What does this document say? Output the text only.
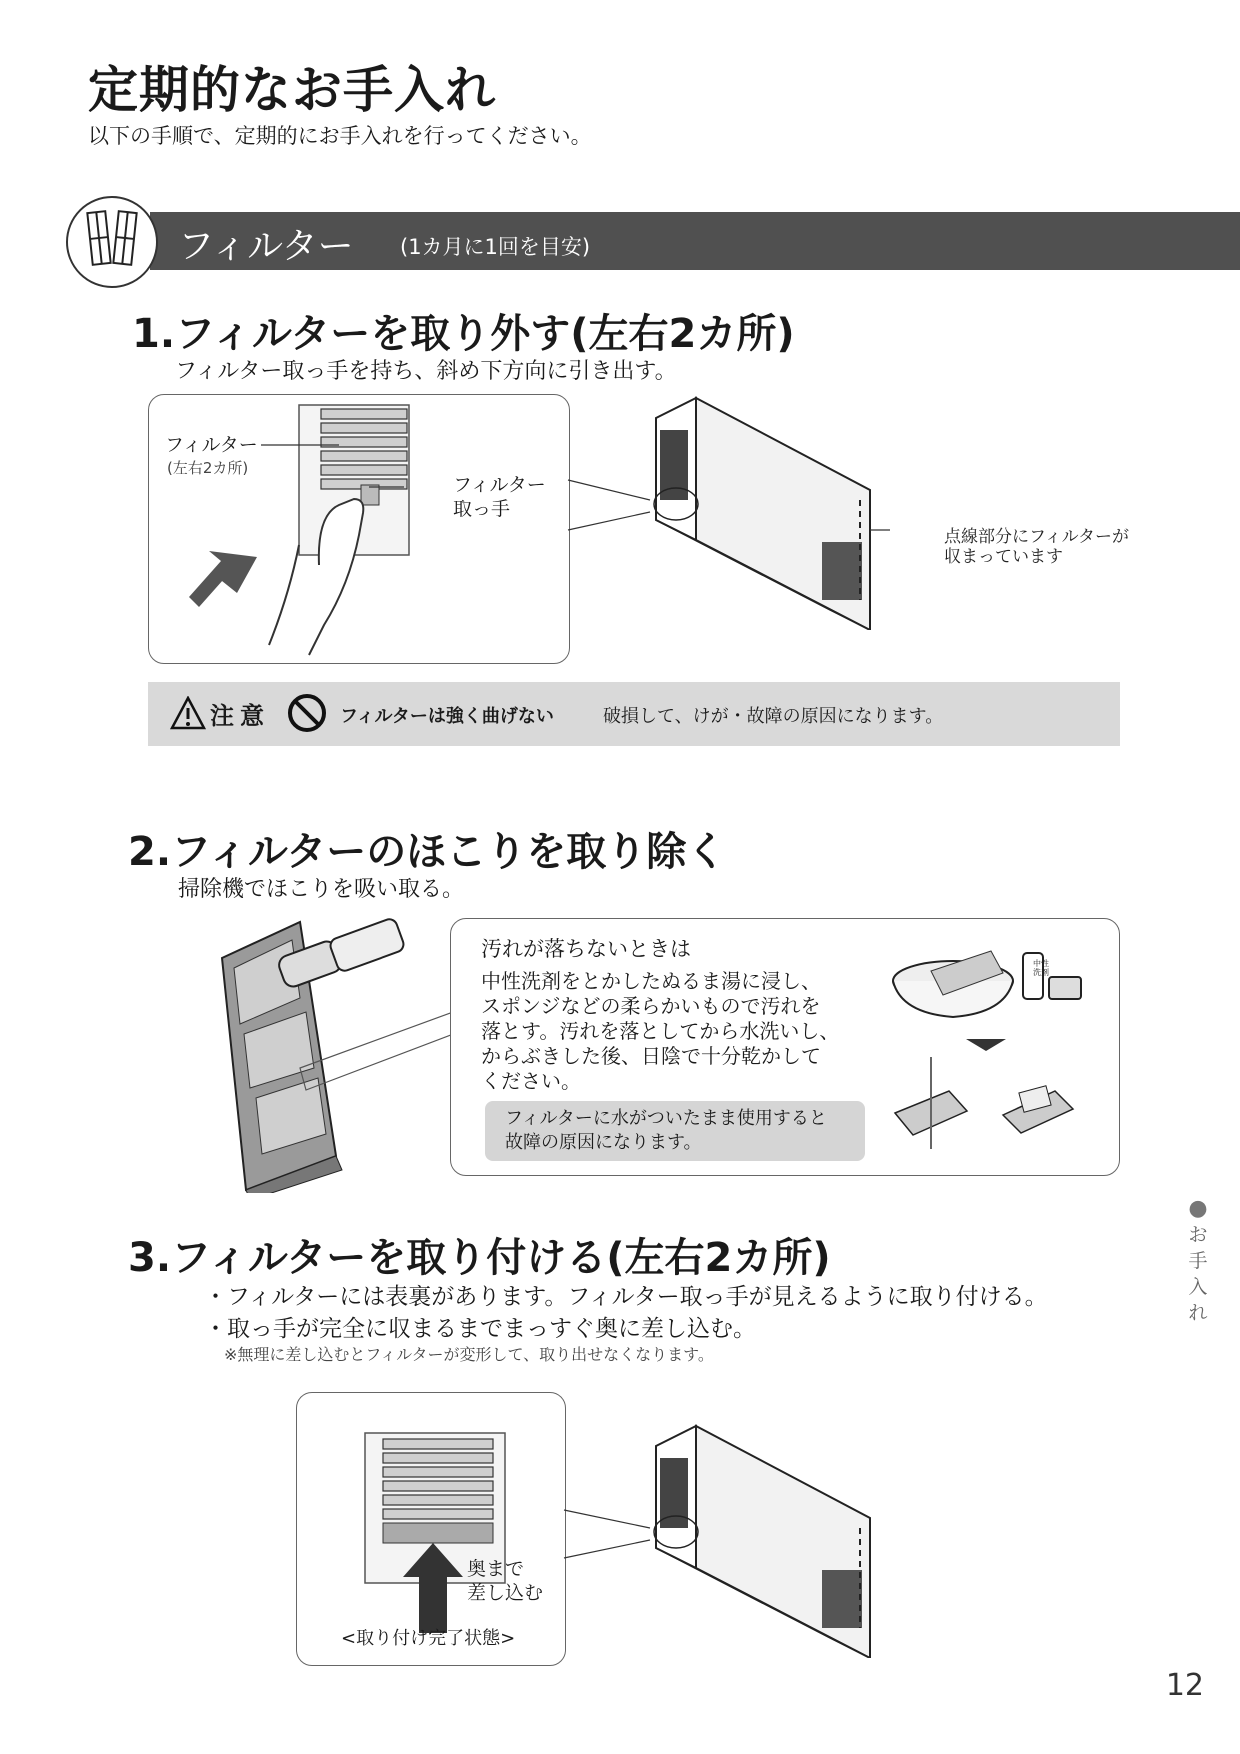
定期的なお手入れ
以下の手順で、定期的にお手入れを行ってください。
フィルター (1カ月に1回を目安)
1.フィルターを取り外す(左右2カ所)
フィルター取っ手を持ち、斜め下方向に引き出す。
フィルター
(左右2カ所)
フィルター
取っ手
点線部分にフィルターが
収まっています
注意	フィルターは強く曲げない	破損して、けが・故障の原因になります。
2.フィルターのほこりを取り除く
掃除機でほこりを吸い取る。
汚れが落ちないときは
中性洗剤をとかしたぬるま湯に浸し、
スポンジなどの柔らかいもので汚れを
落とす。汚れを落としてから水洗いし、
からぶきした後、日陰で十分乾かして
ください。
フィルターに水がついたまま使用すると
故障の原因になります。
中性洗剤
3.フィルターを取り付ける(左右2カ所)
・フィルターには表裏があります。フィルター取っ手が見えるように取り付ける。
・取っ手が完全に収まるまでまっすぐ奥に差し込む。
※無理に差し込むとフィルターが変形して、取り出せなくなります。
奥まで
差し込む
<取り付け完了状態>
●
お
手
入
れ
12
